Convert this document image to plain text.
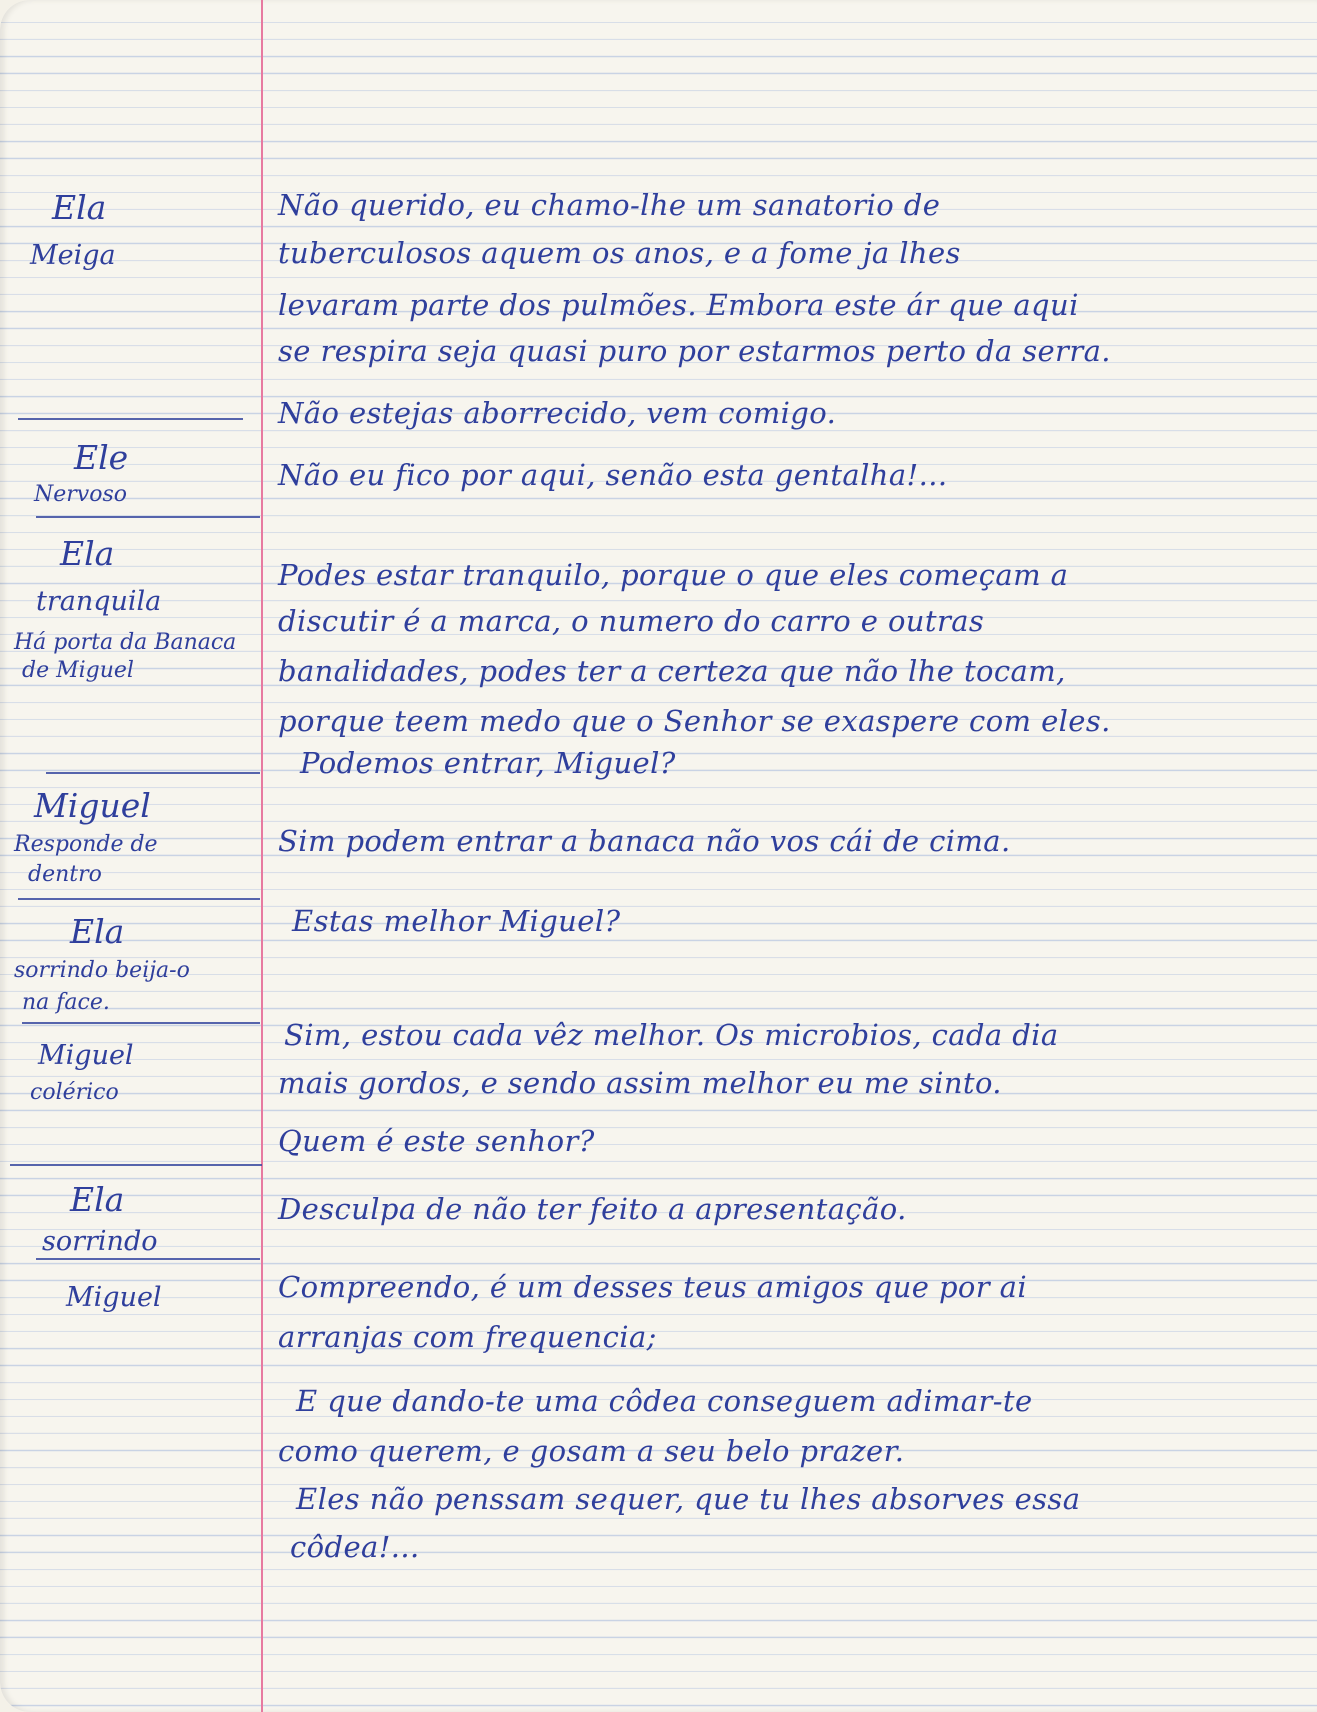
Ela
Meiga
Ele
Nervoso
Ela
tranquila
Há porta da Banaca
de Miguel
Miguel
Responde de
dentro
Ela
sorrindo beija-o
na face.
Miguel
colérico
Ela
sorrindo
Miguel
Não querido, eu chamo-lhe um sanatorio de
tuberculosos aquem os anos, e a fome ja lhes
levaram parte dos pulmões. Embora este ár que aqui
se respira seja quasi puro por estarmos perto da serra.
Não estejas aborrecido, vem comigo.
Não eu fico por aqui, senão esta gentalha!...
Podes estar tranquilo, porque o que eles começam a
discutir é a marca, o numero do carro e outras
banalidades, podes ter a certeza que não lhe tocam,
porque teem medo que o Senhor se exaspere com eles.
Podemos entrar, Miguel?
Sim podem entrar a banaca não vos cái de cima.
Estas melhor Miguel?
Sim, estou cada vêz melhor. Os microbios, cada dia
mais gordos, e sendo assim melhor eu me sinto.
Quem é este senhor?
Desculpa de não ter feito a apresentação.
Compreendo, é um desses teus amigos que por ai
arranjas com frequencia;
E que dando-te uma côdea conseguem adimar-te
como querem, e gosam a seu belo prazer.
Eles não penssam sequer, que tu lhes absorves essa
côdea!...
